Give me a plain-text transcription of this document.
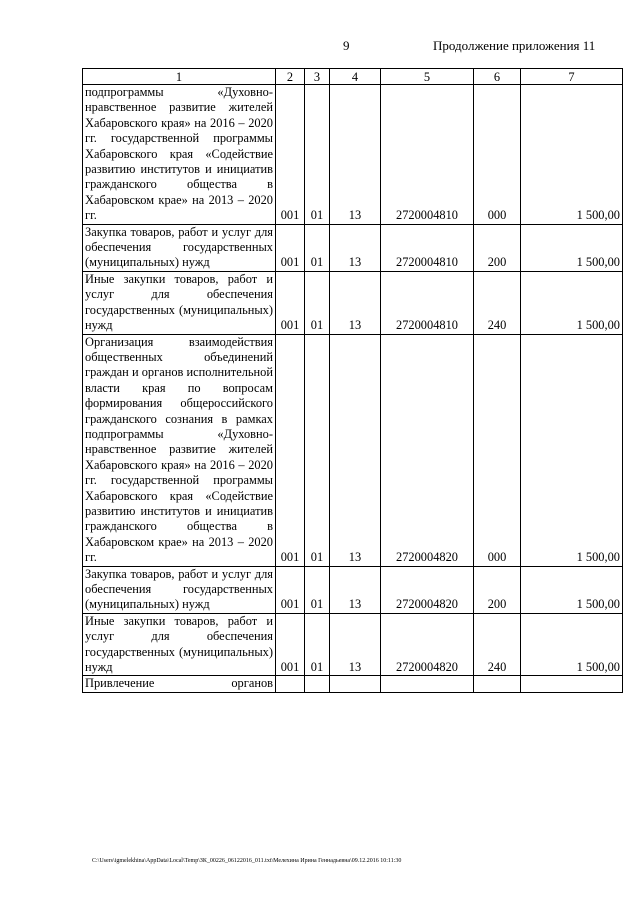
9	Продолжение приложения 11
1	2	3	4	5	6	7

подпрограммы «Духовно-нравственное развитие жителей Хабаровского края» на 2016 – 2020 гг. государственной программы Хабаровского края «Содействие развитию институтов и инициатив гражданского общества в Хабаровском крае» на 2013 – 2020 гг.	001	01	13	2720004810	000	1 500,00

Закупка товаров, работ и услуг для обеспечения государственных (муниципальных) нужд	001	01	13	2720004810	200	1 500,00

Иные закупки товаров, работ и услуг для обеспечения государственных (муниципальных) нужд	001	01	13	2720004810	240	1 500,00

Организация взаимодействия общественных объединений граждан и органов исполнительной власти края по вопросам формирования общероссийского гражданского сознания в рамках подпрограммы «Духовно-нравственное развитие жителей Хабаровского края» на 2016 – 2020 гг. государственной программы Хабаровского края «Содействие развитию институтов и инициатив гражданского общества в Хабаровском крае» на 2013 – 2020 гг.	001	01	13	2720004820	000	1 500,00

Закупка товаров, работ и услуг для обеспечения государственных (муниципальных) нужд	001	01	13	2720004820	200	1 500,00

Иные закупки товаров, работ и услуг для обеспечения государственных (муниципальных) нужд	001	01	13	2720004820	240	1 500,00

Привлечение органов						

C:\Users\igmelekhina\AppData\Local\Temp\ЗК_00226_06122016_011.txt\Мелехина Ирина Геннадьевна\09.12.2016 10:11:30
